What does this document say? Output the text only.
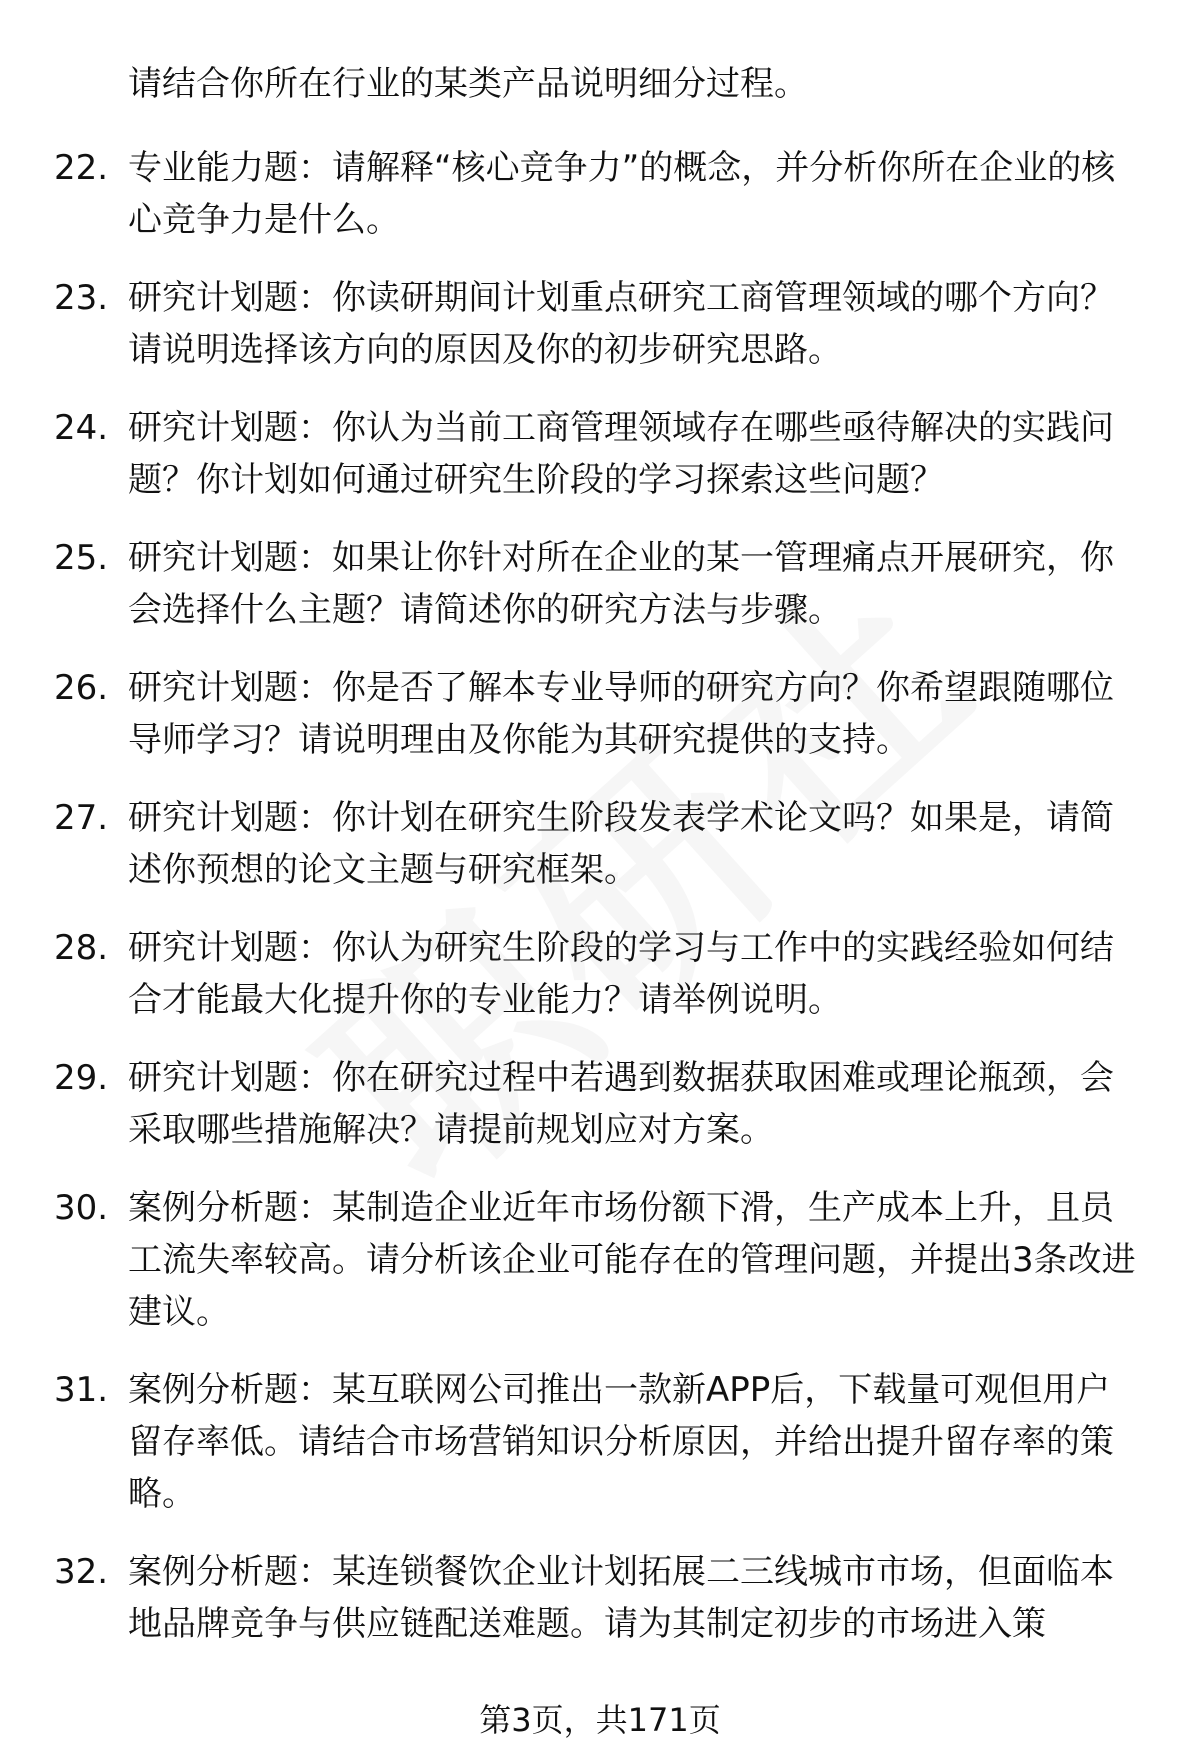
请结合你所在行业的某类产品说明细分过程。
22. 专业能力题：请解释“核心竞争力”的概念，并分析你所在企业的核心竞争力是什么。
23. 研究计划题：你读研期间计划重点研究工商管理领域的哪个方向？请说明选择该方向的原因及你的初步研究思路。
24. 研究计划题：你认为当前工商管理领域存在哪些亟待解决的实践问题？你计划如何通过研究生阶段的学习探索这些问题？
25. 研究计划题：如果让你针对所在企业的某一管理痛点开展研究，你会选择什么主题？请简述你的研究方法与步骤。
26. 研究计划题：你是否了解本专业导师的研究方向？你希望跟随哪位导师学习？请说明理由及你能为其研究提供的支持。
27. 研究计划题：你计划在研究生阶段发表学术论文吗？如果是，请简述你预想的论文主题与研究框架。
28. 研究计划题：你认为研究生阶段的学习与工作中的实践经验如何结合才能最大化提升你的专业能力？请举例说明。
29. 研究计划题：你在研究过程中若遇到数据获取困难或理论瓶颈，会采取哪些措施解决？请提前规划应对方案。
30. 案例分析题：某制造企业近年市场份额下滑，生产成本上升，且员工流失率较高。请分析该企业可能存在的管理问题，并提出3条改进建议。
31. 案例分析题：某互联网公司推出一款新APP后，下载量可观但用户留存率低。请结合市场营销知识分析原因，并给出提升留存率的策略。
32. 案例分析题：某连锁餐饮企业计划拓展二三线城市市场，但面临本地品牌竞争与供应链配送难题。请为其制定初步的市场进入策
第3页，共171页
